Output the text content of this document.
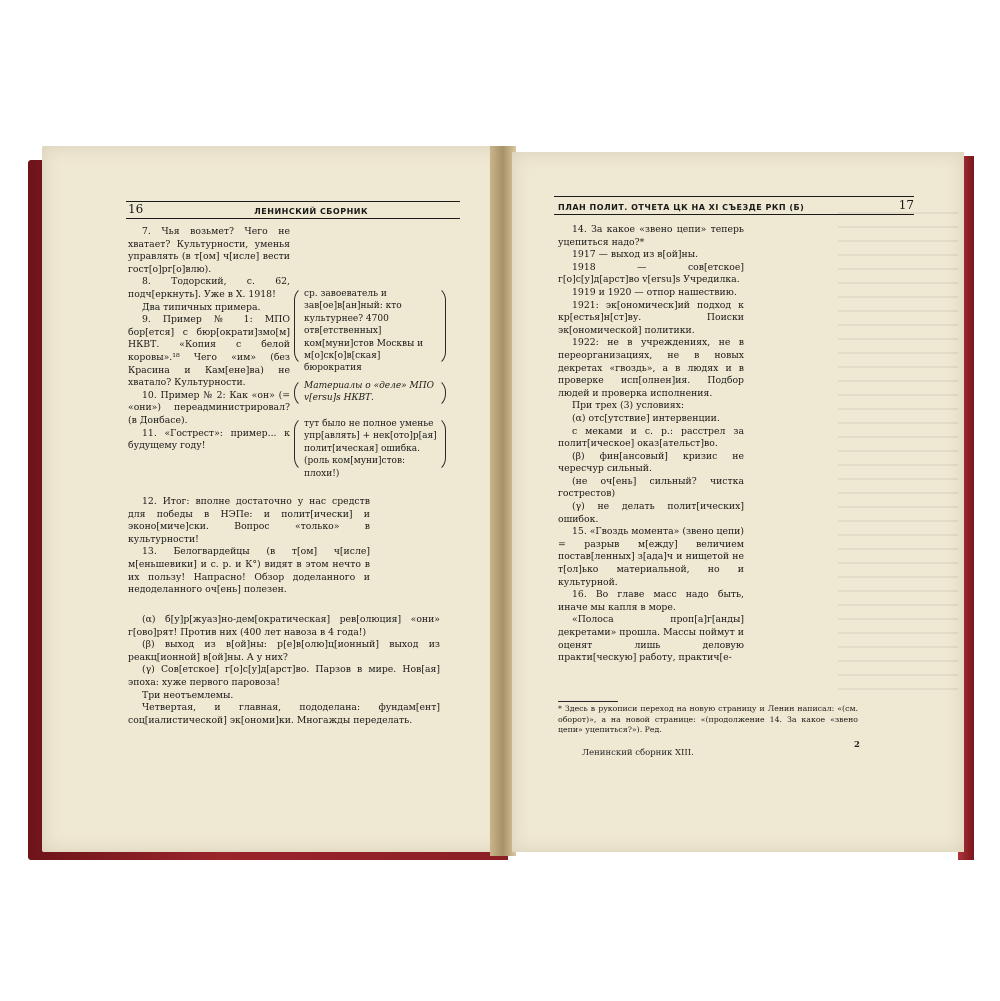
16	ЛЕНИНСКИЙ СБОРНИК

7. Чья возьмет? Чего не хватает? Культурности, уменья управлять (в т[ом] ч[исле] вести гост[о]рг[о]влю).

8. Тодорский, с. 62, подч[еркнуть]. Уже в X. 1918!

Два типичных примера.

9. Пример № 1: МПО бор[ется] с бюр[ократи]змо[м] НКВТ. «Копия с белой коровы».¹⁸ Чего «им» (без Красина и Кам[ене]ва) не хватало? Культурности.

10. Пример № 2: Как «он» (= «они») переадминистрировал? (в Донбасе).

11. «Гострест»: пример... к будущему году!

12. Итог: вполне достаточно у нас средств для победы в НЭПе: и полит[ически] и эконо[миче]ски. Вопрос «только» в культурности!

13. Белогвардейцы (в т[ом] ч[исле] м[еньшевики] и с. р. и К°) видят в этом нечто в их пользу! Напрасно! Обзор доделанного и недоделанного оч[ень] полезен.

(α) б[у]р[жуаз]но-дем[ократическая] рев[олюция] «они» г[ово]рят! Против них (400 лет навоза в 4 года!)

(β) выход из в[ой]ны: р[е]в[олю]ц[ионный] выход из реакц[ионной] в[ой]ны. А у них?

(γ) Сов[етское] г[о]с[у]д[арст]во. Парзов в мире. Нов[ая] эпоха: хуже первого паровоза!

Три неотъемлемы.

Четвертая, и главная, пододелана: фундам[ент] соц[иалистической] эк[ономи]ки. Многажды переделать.

ср. завоеватель и зав[ое]в[ан]ный: кто культурнее? 4700 отв[етственных] ком[муни]стов Москвы и м[о]ск[о]в[ская] бюрократия
Материалы о «деле» МПО v[ersu]s НКВТ.
тут было не полное уменье упр[авлять] + нек[ото]р[ая] полит[ическая] ошибка. (роль ком[муни]стов: плохи!)
ПЛАН ПОЛИТ. ОТЧЕТА ЦК НА XI СЪЕЗДЕ РКП (Б)	17

14. За какое «звено цепи» теперь уцепиться надо?*

1917 — выход из в[ой]ны.

1918 — сов[етское] г[о]с[у]д[арст]во v[ersu]s Учредилка.

1919 и 1920 — отпор нашествию.

1921: эк[ономическ]ий подход к кр[естья]н[ст]ву. Поиски эк[ономической] политики.

1922: не в учреждениях, не в переорганизациях, не в новых декретах «гвоздь», а в людях и в проверке исп[олнен]ия. Подбор людей и проверка исполнения.

При трех (3) условиях:

(α) отс[утствие] интервенции.

с меками и с. р.: расстрел за полит[ическое] оказ[ательст]во.

(β) фин[ансовый] кризис не чересчур сильный.

(не оч[ень] сильный? чистка гострестов)

(γ) не делать полит[ических] ошибок.

15. «Гвоздь момента» (звено цепи) = разрыв м[ежду] величием постав[ленных] з[ада]ч и нищетой не т[ол]ько материальной, но и культурной.

16. Во главе масс надо быть, иначе мы капля в море.

«Полоса проп[а]г[анды] декретами» прошла. Массы поймут и оценят лишь деловую практи[ческую] работу, практич[е-

* Здесь в рукописи переход на новую страницу и Ленин написал: «(см. оборот)», а на новой странице: «(продолжение 14. За какое «звено цепи» уцепиться?»). Ред.
Ленинский сборник XIII.
2
